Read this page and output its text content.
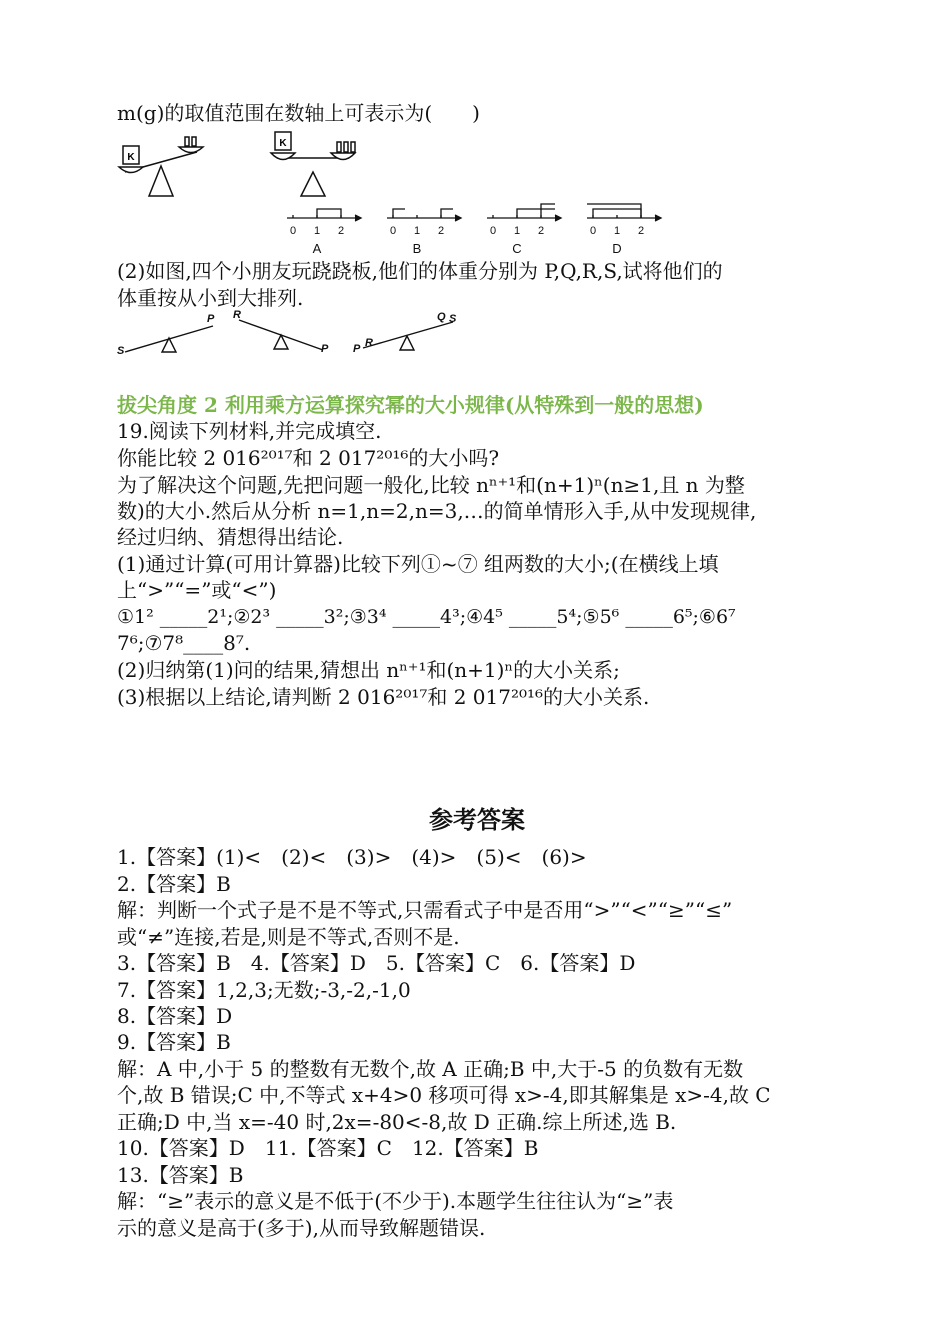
m(g)的取值范围在数轴上可表示为(　　)
K
K
0 1 2	0 1 2	0 1 2	0 1 2
A	B	C	D
(2)如图,四个小朋友玩跷跷板,他们的体重分别为 P,Q,R,S,试将他们的
体重按从小到大排列.
S
P R
P P R
Q S
拔尖角度 2 利用乘方运算探究幂的大小规律(从特殊到一般的思想)
19.阅读下列材料,并完成填空.
你能比较 2 016²⁰¹⁷和 2 017²⁰¹⁶的大小吗?
为了解决这个问题,先把问题一般化,比较 nⁿ⁺¹和(n+1)ⁿ(n≥1,且 n 为整
数)的大小.然后从分析 n=1,n=2,n=3,…的简单情形入手,从中发现规律,
经过归纳、猜想得出结论.
(1)通过计算(可用计算器)比较下列①~⑦ 组两数的大小;(在横线上填
上“>”“=”或“<”)
①1² _____2¹;②2³ _____3²;③3⁴ _____4³;④4⁵ _____5⁴;⑤5⁶ _____6⁵;⑥6⁷
7⁶;⑦7⁸____8⁷.
(2)归纳第(1)问的结果,猜想出 nⁿ⁺¹和(n+1)ⁿ的大小关系;
(3)根据以上结论,请判断 2 016²⁰¹⁷和 2 017²⁰¹⁶的大小关系.
参考答案
1.【答案】(1)<　(2)<　(3)>　(4)>　(5)<　(6)>
2.【答案】B
解：判断一个式子是不是不等式,只需看式子中是否用“>”“<”“≥”“≤”
或“≠”连接,若是,则是不等式,否则不是.
3.【答案】B　4.【答案】D　5.【答案】C　6.【答案】D
7.【答案】1,2,3;无数;-3,-2,-1,0
8.【答案】D
9.【答案】B
解：A 中,小于 5 的整数有无数个,故 A 正确;B 中,大于-5 的负数有无数
个,故 B 错误;C 中,不等式 x+4>0 移项可得 x>-4,即其解集是 x>-4,故 C
正确;D 中,当 x=-40 时,2x=-80<-8,故 D 正确.综上所述,选 B.
10.【答案】D　11.【答案】C　12.【答案】B
13.【答案】B
解：“≥”表示的意义是不低于(不少于).本题学生往往认为“≥”表
示的意义是高于(多于),从而导致解题错误.
